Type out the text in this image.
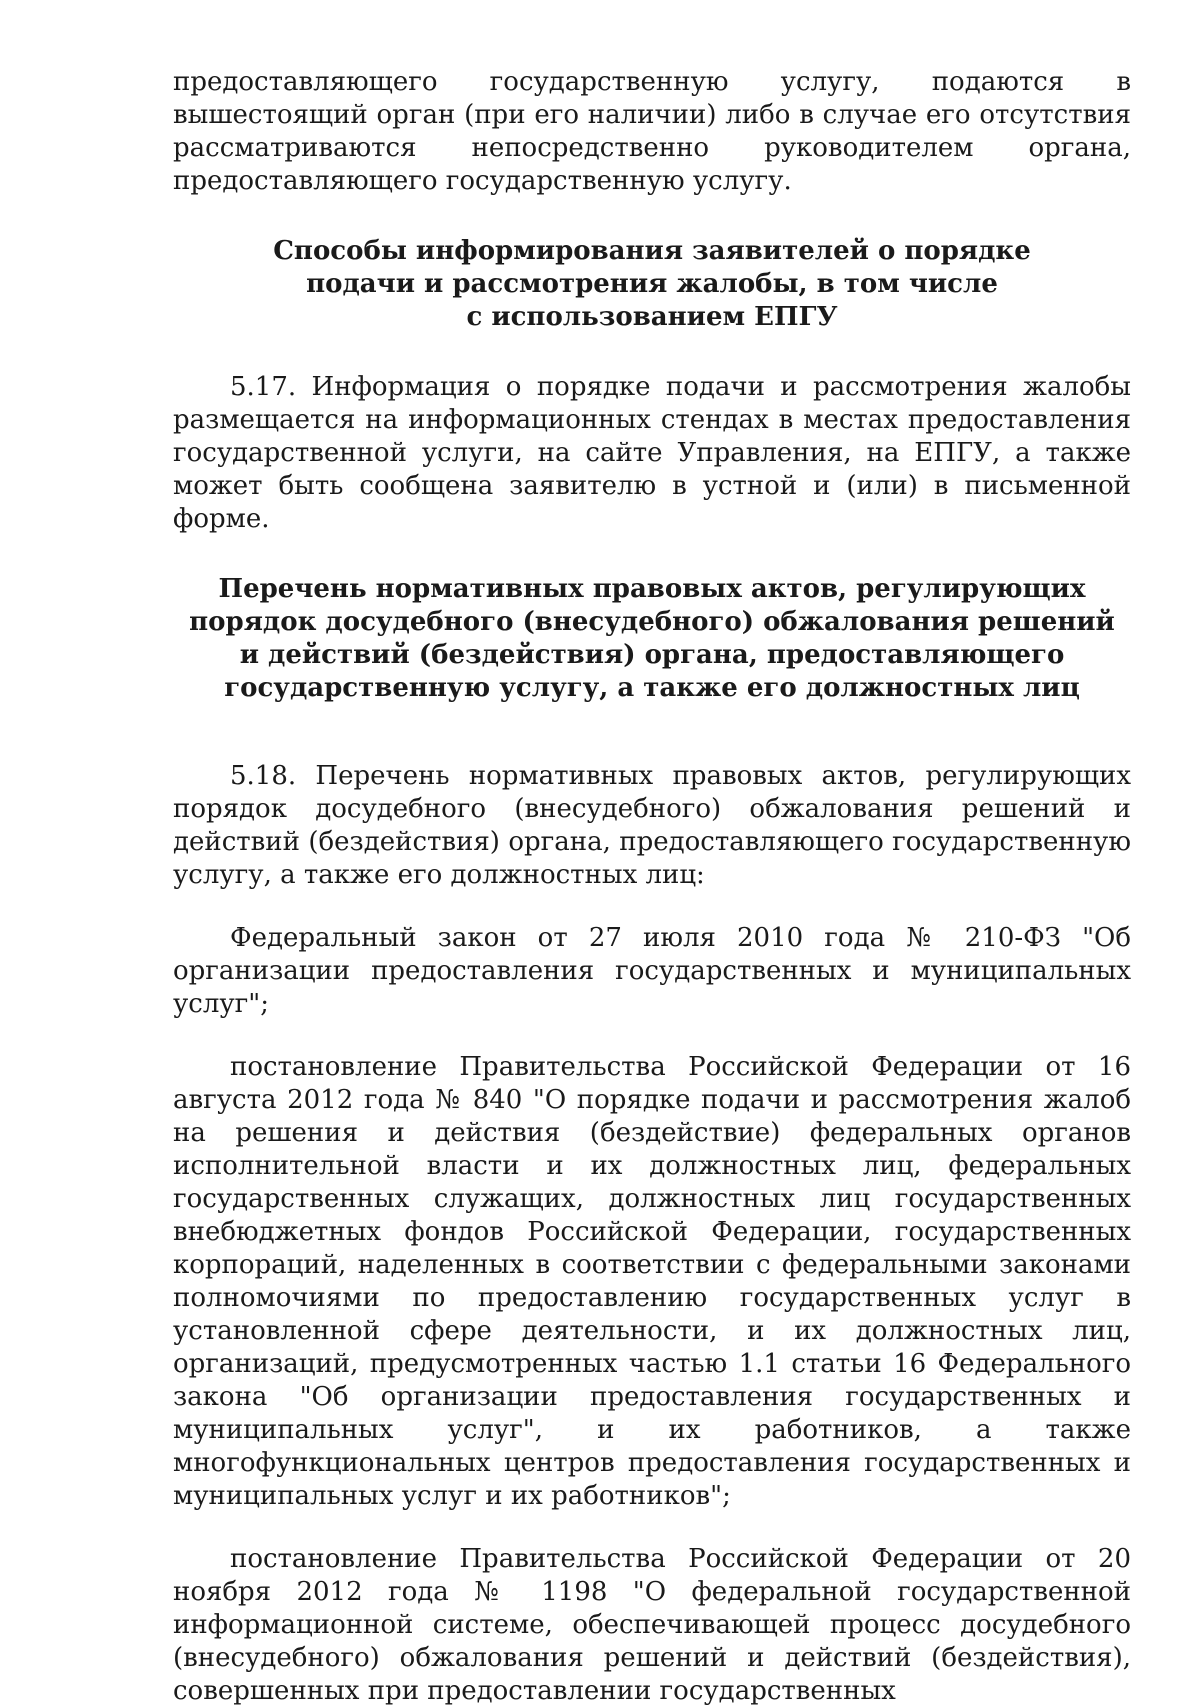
предоставляющего государственную услугу, подаются в вышестоящий орган (при его наличии) либо в случае его отсутствия рассматриваются непосредственно руководителем органа, предоставляющего государственную услугу.

Способы информирования заявителей о порядке
подачи и рассмотрения жалобы, в том числе
с использованием ЕПГУ

5.17. Информация о порядке подачи и рассмотрения жалобы размещается на информационных стендах в местах предоставления государственной услуги, на сайте Управления, на ЕПГУ, а также может быть сообщена заявителю в устной и (или) в письменной форме.

Перечень нормативных правовых актов, регулирующих
порядок досудебного (внесудебного) обжалования решений
и действий (бездействия) органа, предоставляющего
государственную услугу, а также его должностных лиц

5.18. Перечень нормативных правовых актов, регулирующих порядок досудебного (внесудебного) обжалования решений и действий (бездействия) органа, предоставляющего государственную услугу, а также его должностных лиц:

Федеральный закон от 27 июля 2010 года № 210-ФЗ "Об организации предоставления государственных и муниципальных услуг";

постановление Правительства Российской Федерации от 16 августа 2012 года № 840 "О порядке подачи и рассмотрения жалоб на решения и действия (бездействие) федеральных органов исполнительной власти и их должностных лиц, федеральных государственных служащих, должностных лиц государственных внебюджетных фондов Российской Федерации, государственных корпораций, наделенных в соответствии с федеральными законами полномочиями по предоставлению государственных услуг в установленной сфере деятельности, и их должностных лиц, организаций, предусмотренных частью 1.1 статьи 16 Федерального закона "Об организации предоставления государственных и муниципальных услуг", и их работников, а также многофункциональных центров предоставления государственных и муниципальных услуг и их работников";

постановление Правительства Российской Федерации от 20 ноября 2012 года № 1198 "О федеральной государственной информационной системе, обеспечивающей процесс досудебного (внесудебного) обжалования решений и действий (бездействия), совершенных при предоставлении государственных
